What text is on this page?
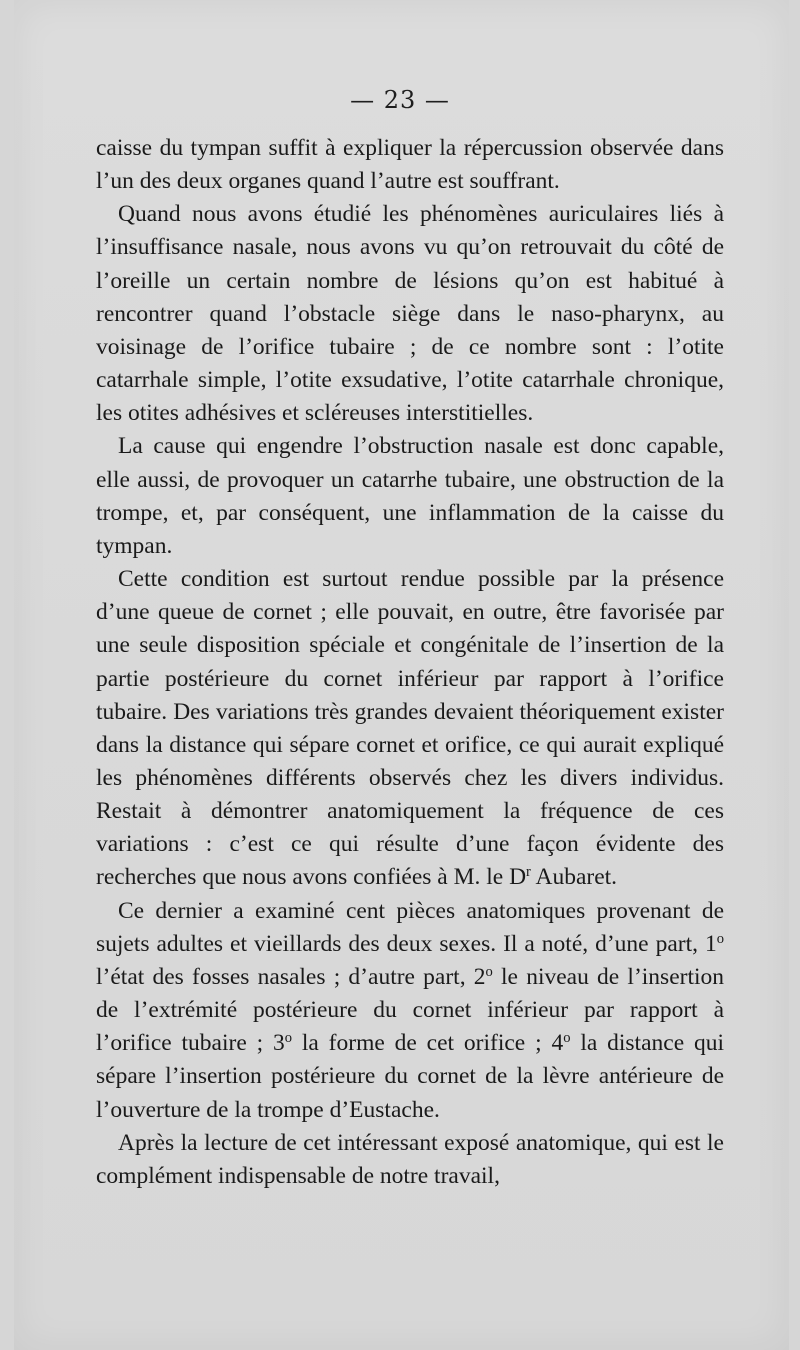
— 23 —

caisse du tympan suffit à expliquer la répercussion observée dans l’un des deux organes quand l’autre est souffrant.

Quand nous avons étudié les phénomènes auriculaires liés à l’insuffisance nasale, nous avons vu qu’on retrouvait du côté de l’oreille un certain nombre de lésions qu’on est habitué à rencontrer quand l’obstacle siège dans le naso-pharynx, au voisinage de l’orifice tubaire ; de ce nombre sont : l’otite catarrhale simple, l’otite exsudative, l’otite catarrhale chronique, les otites adhésives et scléreuses interstitielles.

La cause qui engendre l’obstruction nasale est donc capable, elle aussi, de provoquer un catarrhe tubaire, une obstruction de la trompe, et, par conséquent, une inflammation de la caisse du tympan.

Cette condition est surtout rendue possible par la présence d’une queue de cornet ; elle pouvait, en outre, être favorisée par une seule disposition spéciale et congénitale de l’insertion de la partie postérieure du cornet inférieur par rapport à l’orifice tubaire. Des variations très grandes devaient théoriquement exister dans la distance qui sépare cornet et orifice, ce qui aurait expliqué les phénomènes différents observés chez les divers individus. Restait à démontrer anatomiquement la fréquence de ces variations : c’est ce qui résulte d’une façon évidente des recherches que nous avons confiées à M. le $D^r$ Aubaret.

Ce dernier a examiné cent pièces anatomiques provenant de sujets adultes et vieillards des deux sexes. Il a noté, d’une part, 1$^o$ l’état des fosses nasales ; d’autre part, 2$^o$ le niveau de l’insertion de l’extrémité postérieure du cornet inférieur par rapport à l’orifice tubaire ; 3$^o$ la forme de cet orifice ; 4$^o$ la distance qui sépare l’insertion postérieure du cornet de la lèvre antérieure de l’ouverture de la trompe d’Eustache.

Après la lecture de cet intéressant exposé anatomique, qui est le complément indispensable de notre travail,
